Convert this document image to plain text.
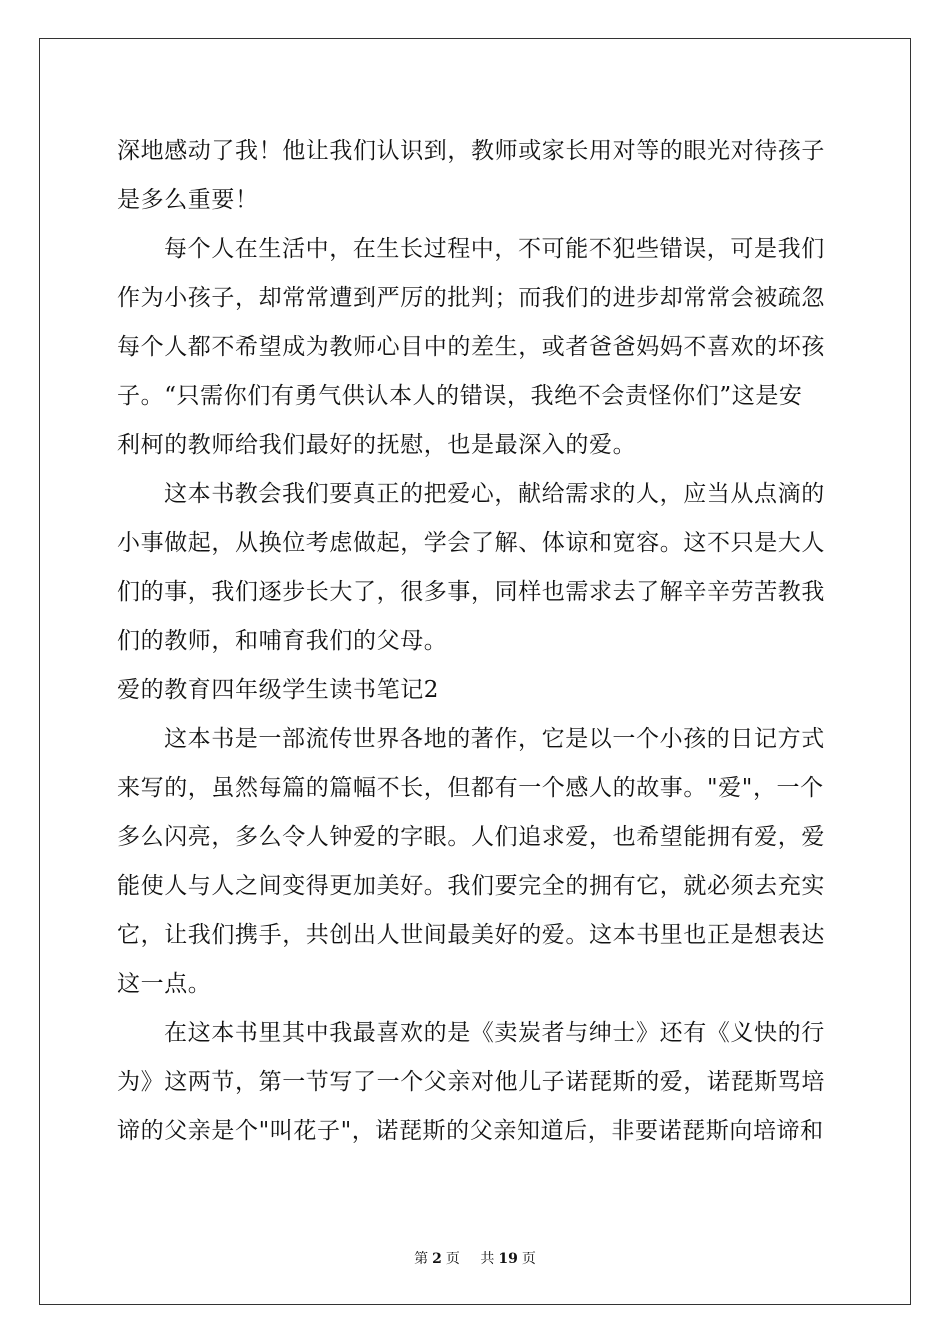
深地感动了我！他让我们认识到，教师或家长用对等的眼光对待孩子
是多么重要！
每个人在生活中，在生长过程中，不可能不犯些错误，可是我们
作为小孩子，却常常遭到严厉的批判；而我们的进步却常常会被疏忽
每个人都不希望成为教师心目中的差生，或者爸爸妈妈不喜欢的坏孩
子。“只需你们有勇气供认本人的错误，我绝不会责怪你们”这是安
利柯的教师给我们最好的抚慰，也是最深入的爱。
这本书教会我们要真正的把爱心，献给需求的人，应当从点滴的
小事做起，从换位考虑做起，学会了解、体谅和宽容。这不只是大人
们的事，我们逐步长大了，很多事，同样也需求去了解辛辛劳苦教我
们的教师，和哺育我们的父母。
爱的教育四年级学生读书笔记2
这本书是一部流传世界各地的著作，它是以一个小孩的日记方式
来写的，虽然每篇的篇幅不长，但都有一个感人的故事。"爱"，一个
多么闪亮，多么令人钟爱的字眼。人们追求爱，也希望能拥有爱，爱
能使人与人之间变得更加美好。我们要完全的拥有它，就必须去充实
它，让我们携手，共创出人世间最美好的爱。这本书里也正是想表达
这一点。
在这本书里其中我最喜欢的是《卖炭者与绅士》还有《义快的行
为》这两节，第一节写了一个父亲对他儿子诺琵斯的爱，诺琵斯骂培
谛的父亲是个"叫花子"，诺琵斯的父亲知道后，非要诺琵斯向培谛和
第 2 页 共 19 页
